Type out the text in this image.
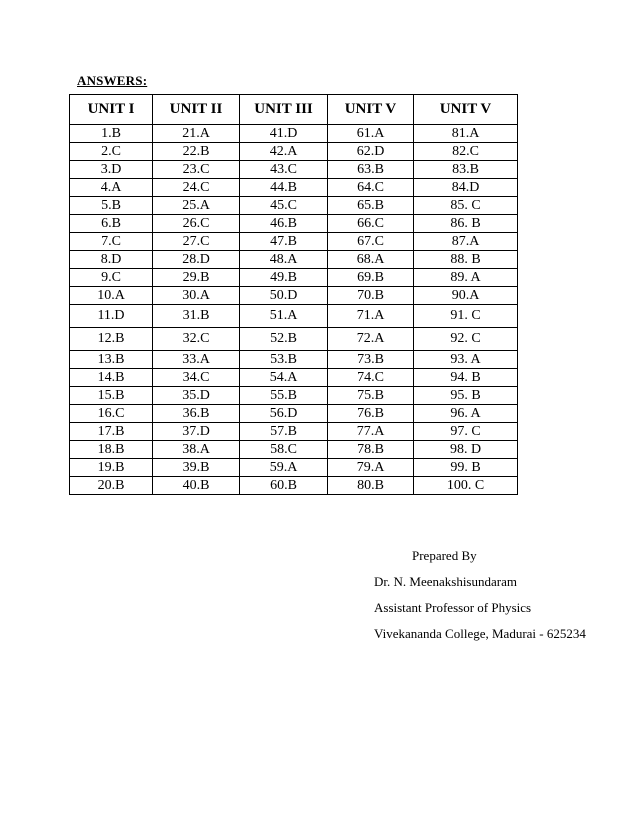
ANSWERS:
UNIT I	UNIT II	UNIT III	UNIT V	UNIT V
1.B	21.A	41.D	61.A	81.A
2.C	22.B	42.A	62.D	82.C
3.D	23.C	43.C	63.B	83.B
4.A	24.C	44.B	64.C	84.D
5.B	25.A	45.C	65.B	85. C
6.B	26.C	46.B	66.C	86. B
7.C	27.C	47.B	67.C	87.A
8.D	28.D	48.A	68.A	88. B
9.C	29.B	49.B	69.B	89. A
10.A	30.A	50.D	70.B	90.A
11.D	31.B	51.A	71.A	91. C
12.B	32.C	52.B	72.A	92. C
13.B	33.A	53.B	73.B	93. A
14.B	34.C	54.A	74.C	94. B
15.B	35.D	55.B	75.B	95. B
16.C	36.B	56.D	76.B	96. A
17.B	37.D	57.B	77.A	97. C
18.B	38.A	58.C	78.B	98. D
19.B	39.B	59.A	79.A	99. B
20.B	40.B	60.B	80.B	100. C
Prepared By
Dr. N. Meenakshisundaram
Assistant Professor of Physics
Vivekananda College, Madurai - 625234
